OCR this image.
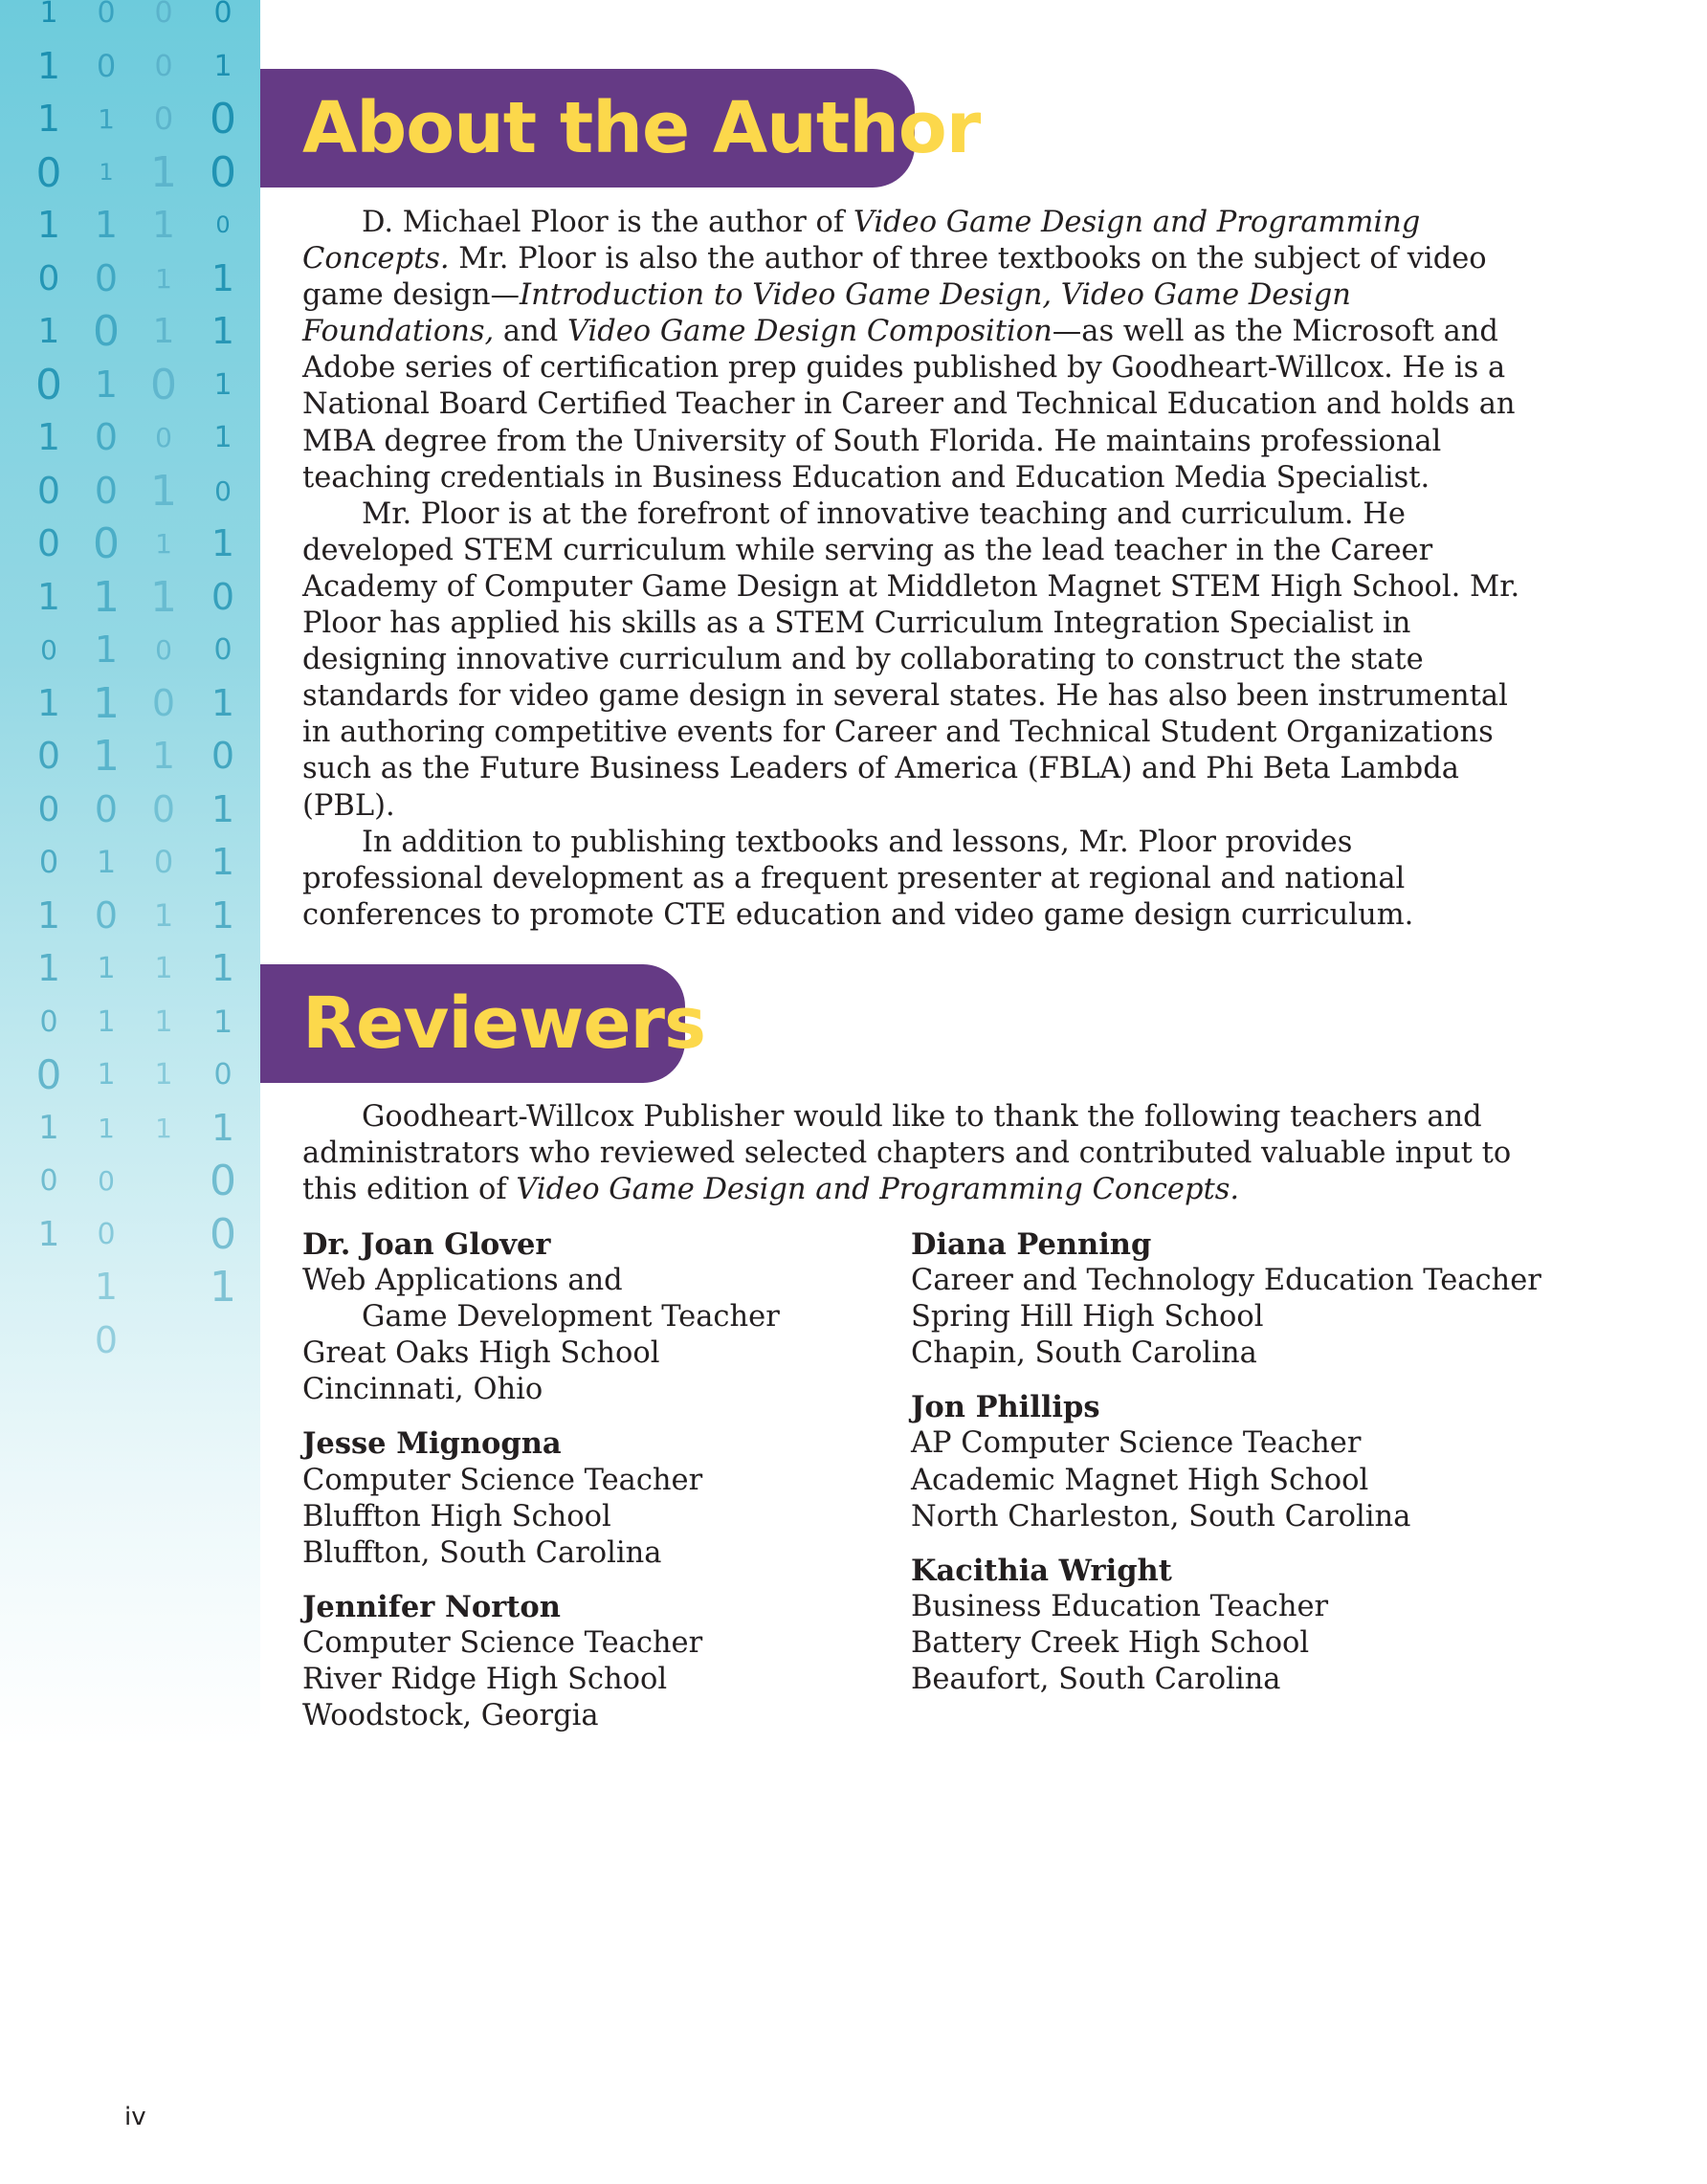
1
1
1
0
1
0
1
0
1
0
0
1
0
1
0
0
0
1
1
0
0
1
0
1
0
0
1
1
1
0
0
1
0
0
0
1
1
1
1
0
1
0
1
1
1
1
0
0
1
0
0
0
0
1
1
1
1
0
0
1
1
1
0
0
1
0
0
1
1
1
1
1
0
1
0
0
0
1
1
1
1
0
1
0
0
1
0
1
1
1
1
1
0
1
0
0
1
About the Author

D. Michael Ploor is the author of Video Game Design and Programming Concepts. Mr. Ploor is also the author of three textbooks on the subject of video game design—Introduction to Video Game Design, Video Game Design Foundations, and Video Game Design Composition—as well as the Microsoft and Adobe series of certification prep guides published by Goodheart-Willcox. He is a National Board Certified Teacher in Career and Technical Education and holds an MBA degree from the University of South Florida. He maintains professional teaching credentials in Business Education and Education Media Specialist.

Mr. Ploor is at the forefront of innovative teaching and curriculum. He developed STEM curriculum while serving as the lead teacher in the Career Academy of Computer Game Design at Middleton Magnet STEM High School. Mr. Ploor has applied his skills as a STEM Curriculum Integration Specialist in designing innovative curriculum and by collaborating to construct the state standards for video game design in several states. He has also been instrumental in authoring competitive events for Career and Technical Student Organizations such as the Future Business Leaders of America (FBLA) and Phi Beta Lambda (PBL).

In addition to publishing textbooks and lessons, Mr. Ploor provides professional development as a frequent presenter at regional and national conferences to promote CTE education and video game design curriculum.

Reviewers

Goodheart-Willcox Publisher would like to thank the following teachers and administrators who reviewed selected chapters and contributed valuable input to this edition of Video Game Design and Programming Concepts.

Dr. Joan Glover
Web Applications and
Game Development Teacher
Great Oaks High School
Cincinnati, Ohio
Jesse Mignogna
Computer Science Teacher
Bluffton High School
Bluffton, South Carolina
Jennifer Norton
Computer Science Teacher
River Ridge High School
Woodstock, Georgia
Diana Penning
Career and Technology Education Teacher
Spring Hill High School
Chapin, South Carolina
Jon Phillips
AP Computer Science Teacher
Academic Magnet High School
North Charleston, South Carolina
Kacithia Wright
Business Education Teacher
Battery Creek High School
Beaufort, South Carolina
iv
